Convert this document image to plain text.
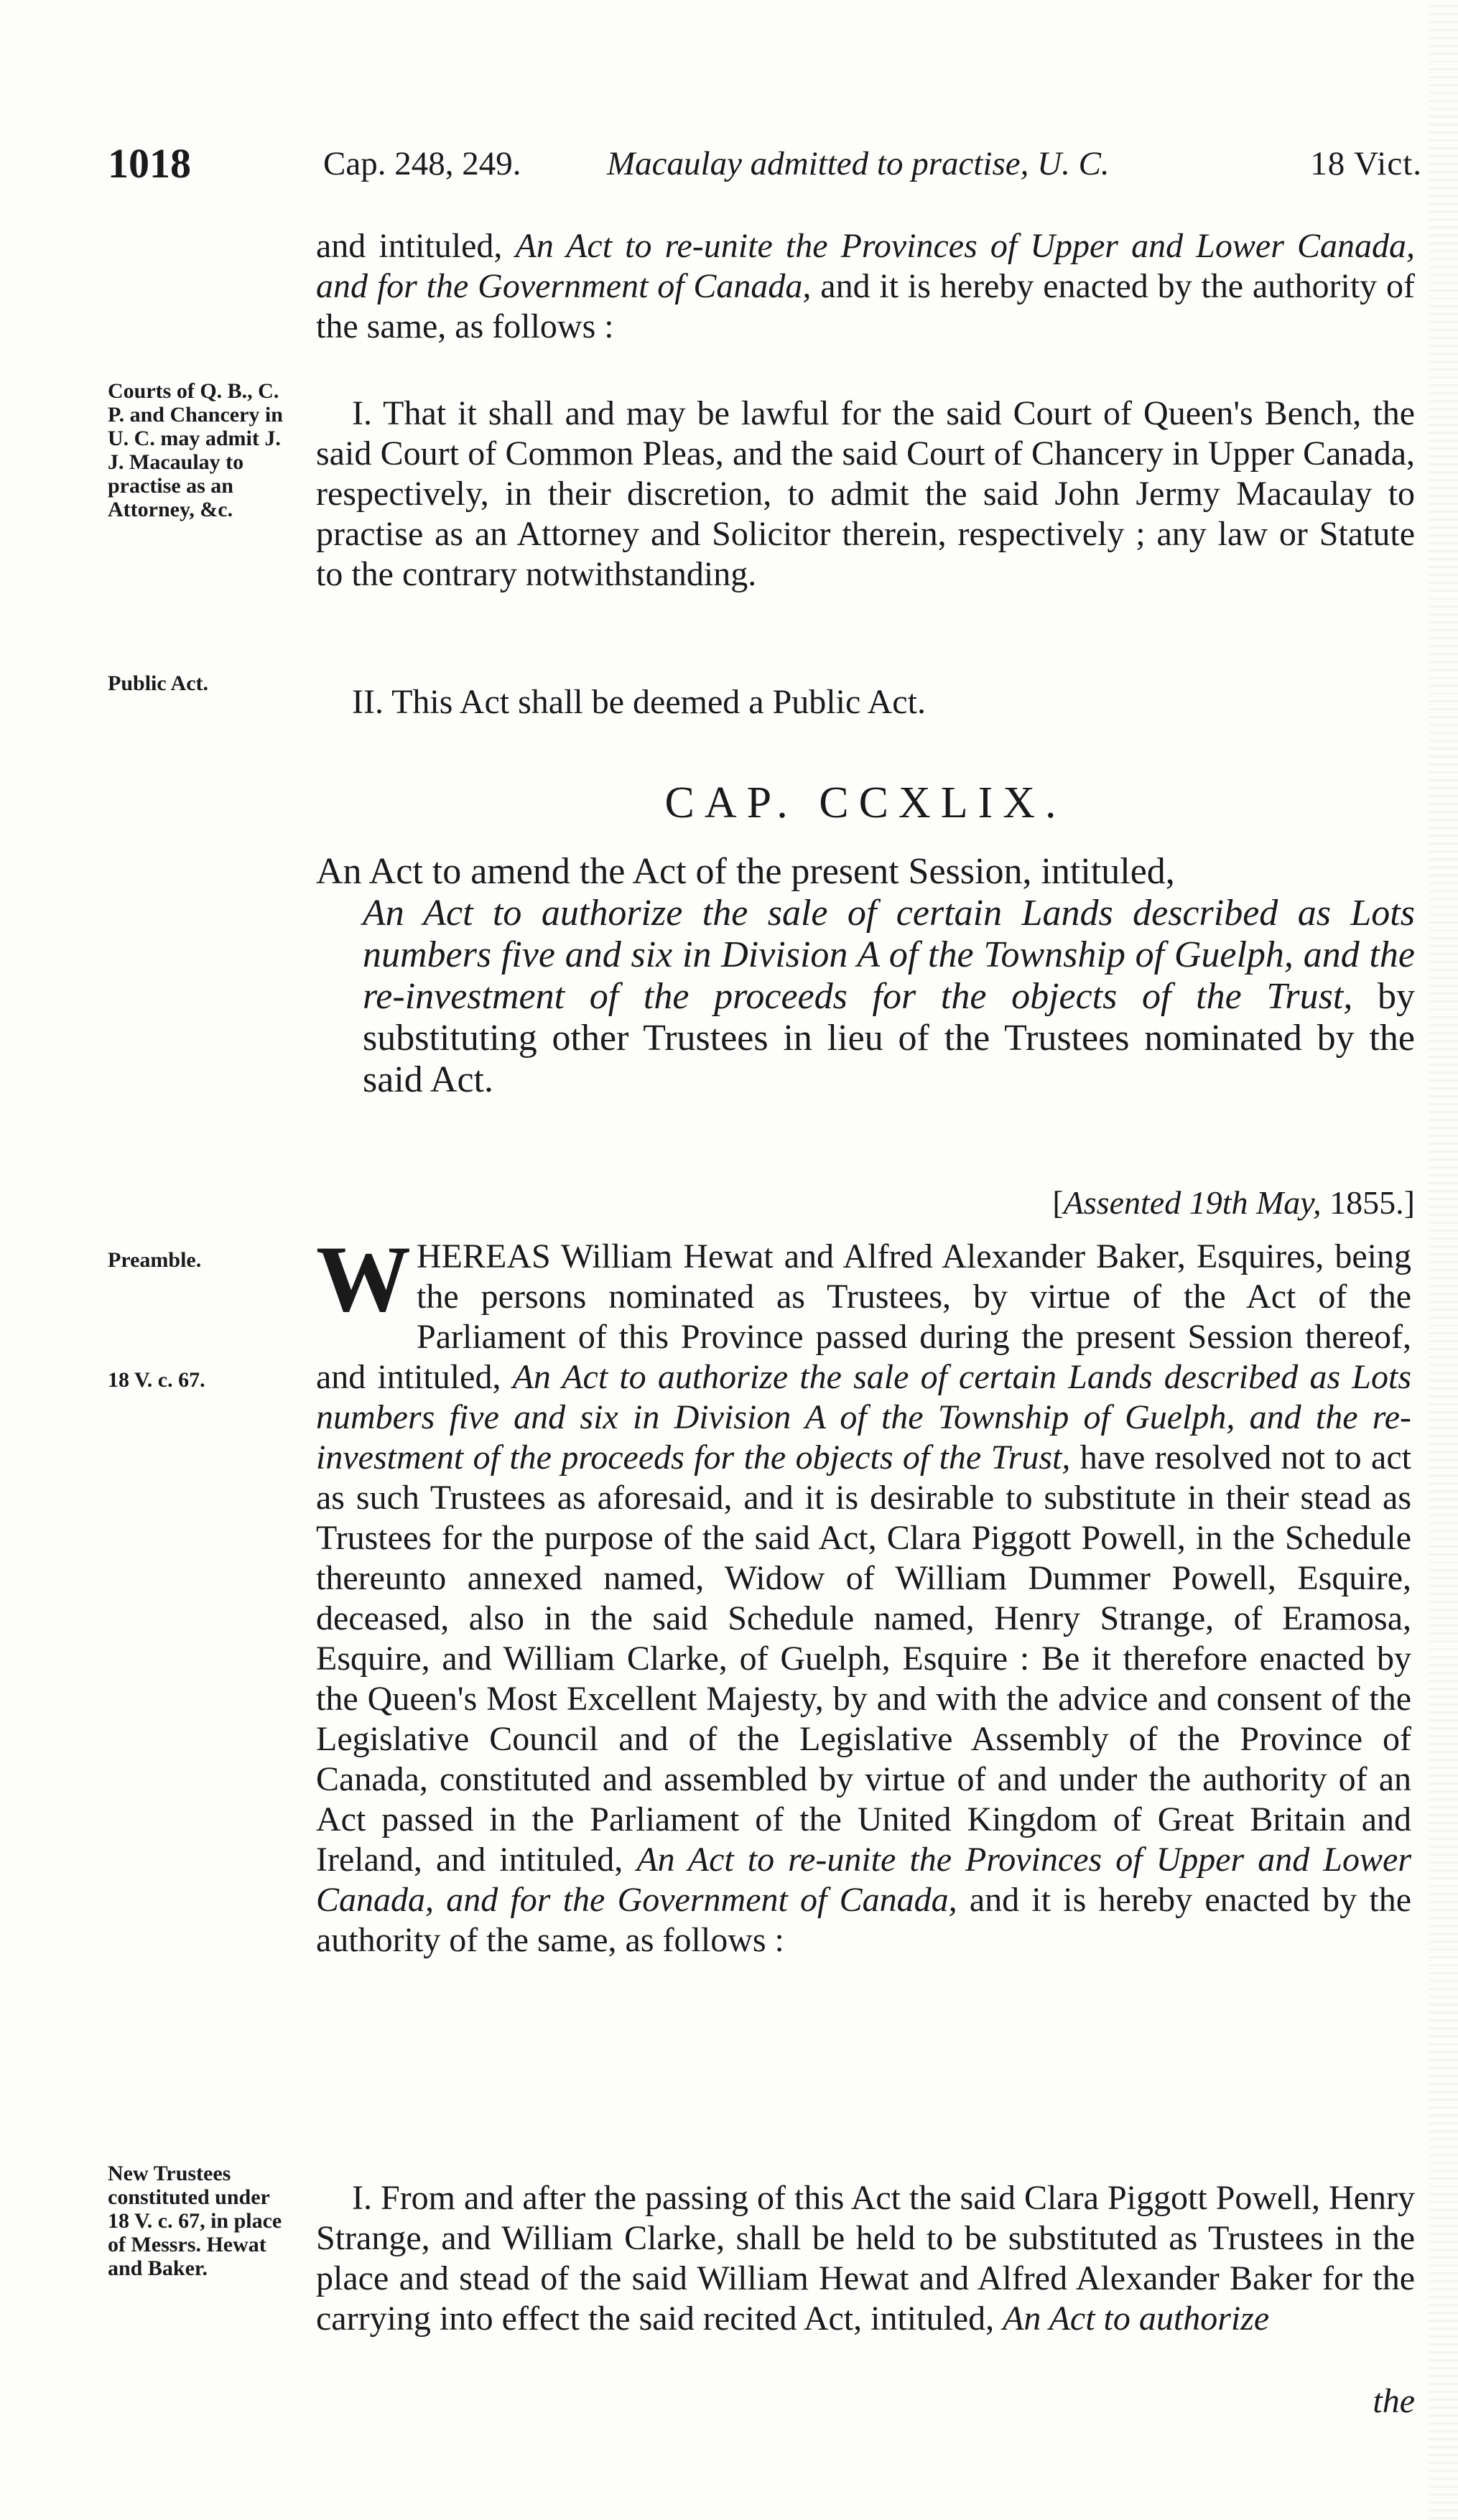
1018	Cap. 248, 249.	Macaulay admitted to practise, U. C.	18 Vict.
and intituled, An Act to re-unite the Provinces of Upper and Lower Canada, and for the Government of Canada, and it is hereby enacted by the authority of the same, as follows :
Courts of Q. B., C. P. and Chancery in U. C. may admit J. J. Macaulay to practise as an Attorney, &c.
I. That it shall and may be lawful for the said Court of Queen's Bench, the said Court of Common Pleas, and the said Court of Chancery in Upper Canada, respectively, in their discretion, to admit the said John Jermy Macaulay to practise as an Attorney and Solicitor therein, respectively ; any law or Statute to the contrary notwithstanding.
Public Act.	II. This Act shall be deemed a Public Act.
CAP. CCXLIX.
An Act to amend the Act of the present Session, intituled,
An Act to authorize the sale of certain Lands described as Lots numbers five and six in Division A of the Township of Guelph, and the re-investment of the proceeds for the objects of the Trust, by substituting other Trustees in lieu of the Trustees nominated by the said Act.
[Assented 19th May, 1855.]
Preamble.
18 V. c. 67.
WHEREAS William Hewat and Alfred Alexander Baker, Esquires, being the persons nominated as Trustees, by virtue of the Act of the Parliament of this Province passed during the present Session thereof, and intituled, An Act to authorize the sale of certain Lands described as Lots numbers five and six in Division A of the Township of Guelph, and the re-investment of the proceeds for the objects of the Trust, have resolved not to act as such Trustees as aforesaid, and it is desirable to substitute in their stead as Trustees for the purpose of the said Act, Clara Piggott Powell, in the Schedule thereunto annexed named, Widow of William Dummer Powell, Esquire, deceased, also in the said Schedule named, Henry Strange, of Eramosa, Esquire, and William Clarke, of Guelph, Esquire : Be it therefore enacted by the Queen's Most Excellent Majesty, by and with the advice and consent of the Legislative Council and of the Legislative Assembly of the Province of Canada, constituted and assembled by virtue of and under the authority of an Act passed in the Parliament of the United Kingdom of Great Britain and Ireland, and intituled, An Act to re-unite the Provinces of Upper and Lower Canada, and for the Government of Canada, and it is hereby enacted by the authority of the same, as follows :
New Trustees constituted under 18 V. c. 67, in place of Messrs. Hewat and Baker.
I. From and after the passing of this Act the said Clara Piggott Powell, Henry Strange, and William Clarke, shall be held to be substituted as Trustees in the place and stead of the said William Hewat and Alfred Alexander Baker for the carrying into effect the said recited Act, intituled, An Act to authorize
the
